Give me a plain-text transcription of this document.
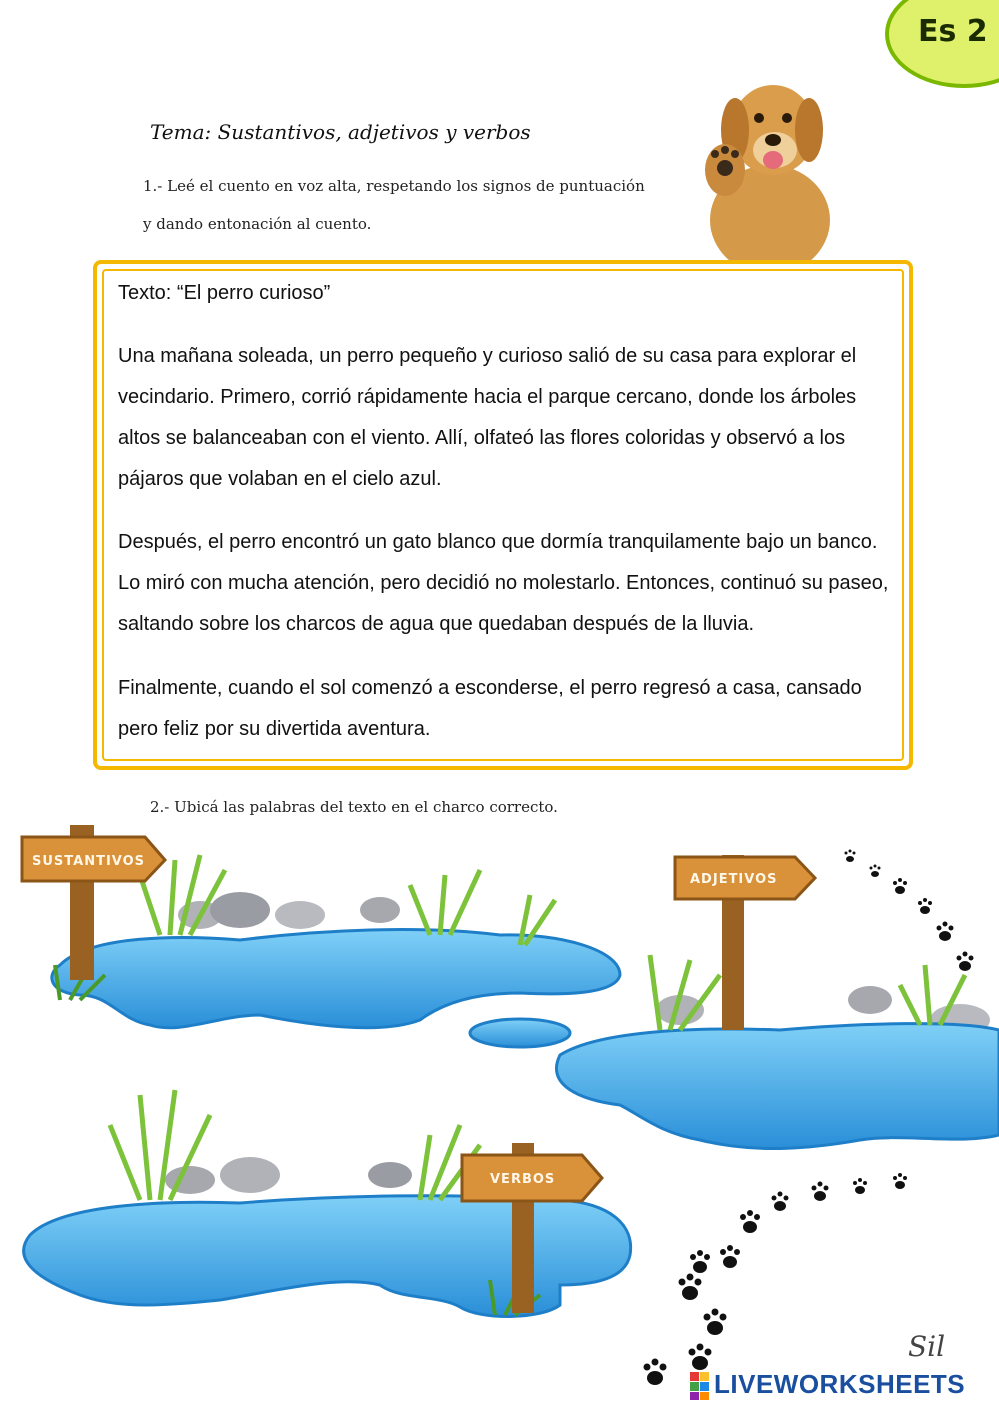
Es 2
Tema: Sustantivos, adjetivos y verbos
1.- Leé el cuento en voz alta, respetando los signos de puntuación
y dando entonación al cuento.
Texto: “El perro curioso”

Una mañana soleada, un perro pequeño y curioso salió de su casa para explorar el vecindario. Primero, corrió rápidamente hacia el parque cercano, donde los árboles altos se balanceaban con el viento. Allí, olfateó las flores coloridas y observó a los pájaros que volaban en el cielo azul.

Después, el perro encontró un gato blanco que dormía tranquilamente bajo un banco. Lo miró con mucha atención, pero decidió no molestarlo. Entonces, continuó su paseo, saltando sobre los charcos de agua que quedaban después de la lluvia.

Finalmente, cuando el sol comenzó a esconderse, el perro regresó a casa, cansado pero feliz por su divertida aventura.

2.- Ubicá las palabras del texto en el charco correcto.
SUSTANTIVOS
ADJETIVOS
VERBOS
Sil
LIVEWORKSHEETS
